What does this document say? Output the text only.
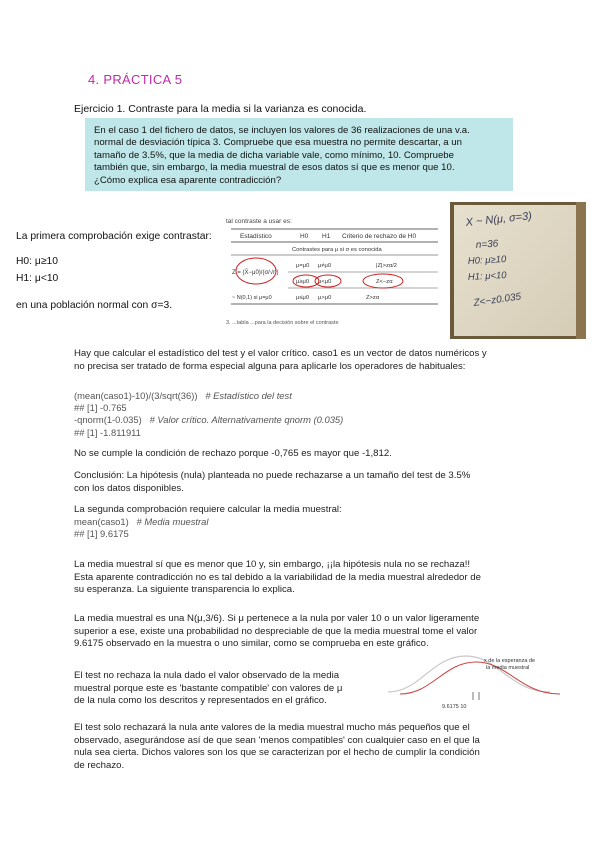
4. PRÁCTICA 5
Ejercicio 1. Contraste para la media si la varianza es conocida.
En el caso 1 del fichero de datos, se incluyen los valores de 36 realizaciones de una v.a.
normal de desviación típica 3. Compruebe que esa muestra no permite descartar, a un
tamaño de 3.5%, que la media de dicha variable vale, como mínimo, 10. Compruebe
también que, sin embargo, la media muestral de esos datos sí que es menor que 10.
¿Cómo explica esa aparente contradicción?
La primera comprobación exige contrastar:
H0: μ≥10
H1: μ<10
en una población normal con σ=3.
tal contraste a usar es:
Estadístico	H0 H1 Criterio de rechazo de H0
Contrastes para μ si σ es conocida
Z = (X̄−μ0)/(σ/√n)
~ N(0,1) si μ=μ0
μ=μ0 μ≠μ0	|Z|>zα/2
μ≥μ0 μ<μ0	Z<−zα
μ≤μ0 μ>μ0	Z>zα
3. ...tabla ...para la decisión sobre el contraste
X ~ N(μ, σ=3)
n=36
H0: μ≥10
H1: μ<10
Z<−z0.035
Hay que calcular el estadístico del test y el valor crítico. caso1 es un vector de datos numéricos y
no precisa ser tratado de forma especial alguna para aplicarle los operadores de habituales:
(mean(caso1)-10)/(3/sqrt(36)) # Estadístico del test
## [1] -0.765
-qnorm(1-0.035) # Valor crítico. Alternativamente qnorm (0.035)
## [1] -1.811911
No se cumple la condición de rechazo porque -0,765 es mayor que -1,812.
Conclusión: La hipótesis (nula) planteada no puede rechazarse a un tamaño del test de 3.5%
con los datos disponibles.
La segunda comprobación requiere calcular la media muestral:
mean(caso1) # Media muestral
## [1] 9.6175
La media muestral sí que es menor que 10 y, sin embargo, ¡¡la hipótesis nula no se rechaza!!
Esta aparente contradicción no es tal debido a la variabilidad de la media muestral alrededor de
su esperanza. La siguiente transparencia lo explica.
La media muestral es una N(μ,3/6). Si μ pertenece a la nula por valer 10 o un valor ligeramente
superior a ese, existe una probabilidad no despreciable de que la media muestral tome el valor
9.6175 observado en la muestra o uno similar, como se comprueba en este gráfico.
El test no rechaza la nula dado el valor observado de la media
muestral porque este es 'bastante compatible' con valores de μ
de la nula como los descritos y representados en el gráfico.
x de la esperanza de
la media muestral
9.6175 10
El test solo rechazará la nula ante valores de la media muestral mucho más pequeños que el
observado, asegurándose así de que sean 'menos compatibles' con cualquier caso en el que la
nula sea cierta. Dichos valores son los que se caracterizan por el hecho de cumplir la condición
de rechazo.
